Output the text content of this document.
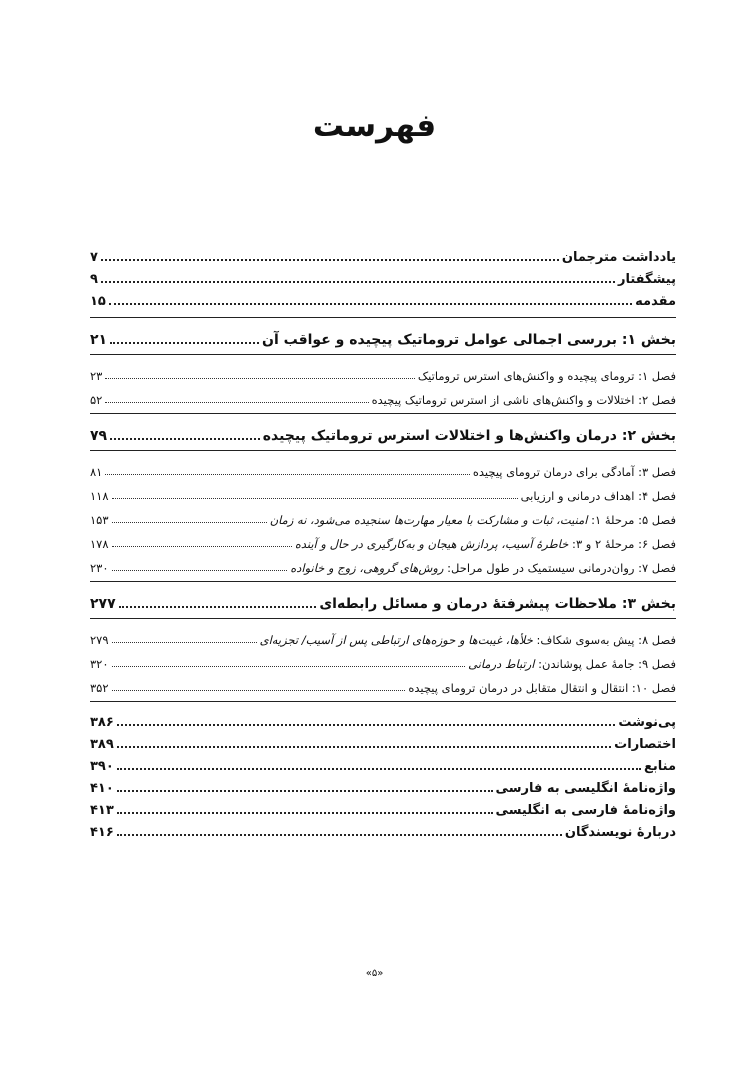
فهرست
یادداشت مترجمان
۷
پیشگفتار
۹
مقدمه
۱۵
بخش ۱: بررسی اجمالی عوامل تروماتیک پیچیده و عواقب آن
۲۱
فصل ۱: ترومای پیچیده و واکنش‌های استرس تروماتیک
۲۳
فصل ۲: اختلالات و واکنش‌های ناشی از استرس تروماتیک پیچیده
۵۲
بخش ۲: درمان واکنش‌ها و اختلالات استرس تروماتیک پیچیده
۷۹
فصل ۳: آمادگی برای درمان ترومای پیچیده
۸۱
فصل ۴: اهداف درمانی و ارزیابی
۱۱۸
فصل ۵: مرحلهٔ ۱: امنیت، ثبات و مشارکت با معیار مهارت‌ها سنجیده می‌شود، نه زمان
۱۵۳
فصل ۶: مرحلهٔ ۲ و ۳: خاطرهٔ آسیب، پردازش هیجان و به‌کارگیری در حال و آینده
۱۷۸
فصل ۷: روان‌درمانی سیستمیک در طول مراحل: روش‌های گروهی، زوج و خانواده
۲۳۰
بخش ۳: ملاحظات پیشرفتهٔ درمان و مسائل رابطه‌ای
۲۷۷
فصل ۸: پیش به‌سوی شکاف: خلأها، غیبت‌ها و حوزه‌های ارتباطی پس از آسیب/ تجزیه‌ای
۲۷۹
فصل ۹: جامهٔ عمل پوشاندن: ارتباط درمانی
۳۲۰
فصل ۱۰: انتقال و انتقال متقابل در درمان ترومای پیچیده
۳۵۲
پی‌نوشت
۳۸۶
اختصارات
۳۸۹
منابع
۳۹۰
واژه‌نامهٔ انگلیسی به فارسی
۴۱۰
واژه‌نامهٔ فارسی به انگلیسی
۴۱۳
دربارهٔ نویسندگان
۴۱۶
«۵»
